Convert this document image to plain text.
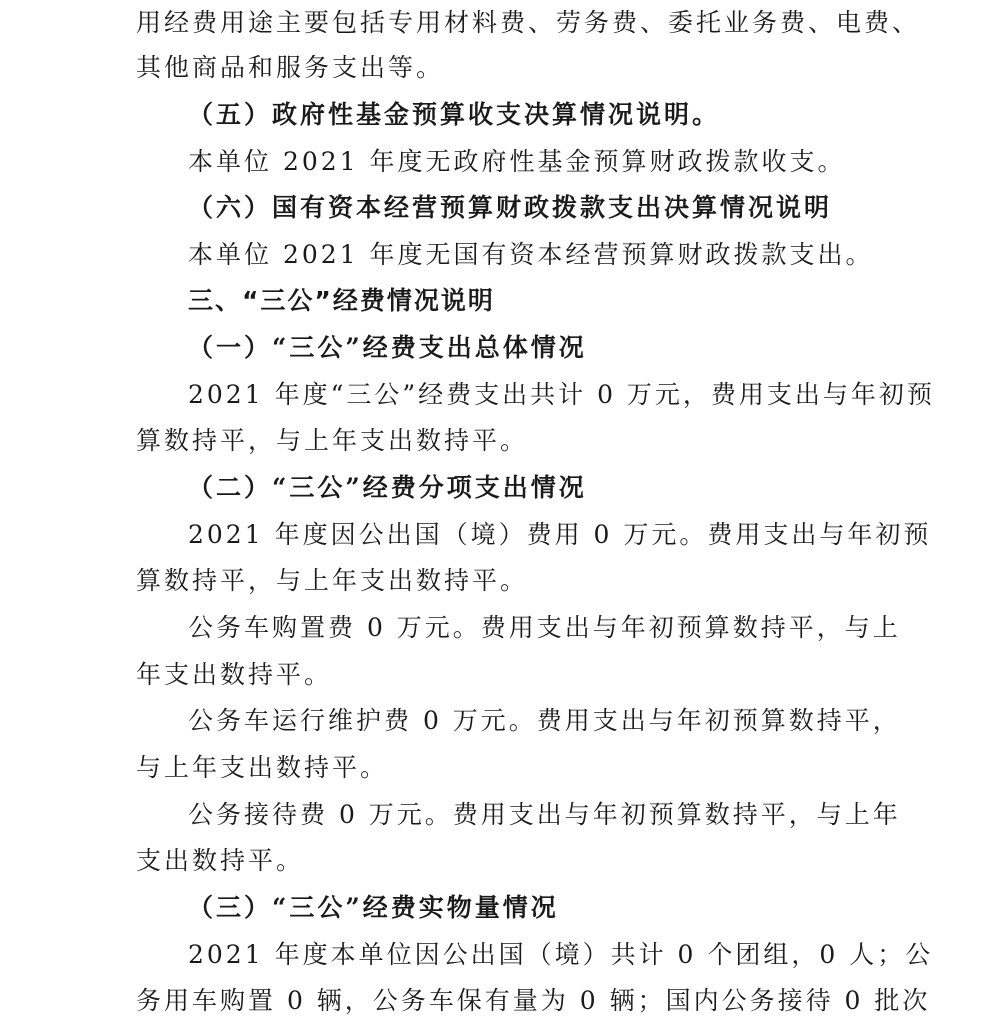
用经费用途主要包括专用材料费、劳务费、委托业务费、电费、
其他商品和服务支出等。
（五）政府性基金预算收支决算情况说明。
本单位 2021 年度无政府性基金预算财政拨款收支。
（六）国有资本经营预算财政拨款支出决算情况说明
本单位 2021 年度无国有资本经营预算财政拨款支出。
三、“三公”经费情况说明
（一）“三公”经费支出总体情况
2021 年度“三公”经费支出共计 0 万元，费用支出与年初预
算数持平，与上年支出数持平。
（二）“三公”经费分项支出情况
2021 年度因公出国（境）费用 0 万元。费用支出与年初预
算数持平，与上年支出数持平。
公务车购置费 0 万元。费用支出与年初预算数持平，与上
年支出数持平。
公务车运行维护费 0 万元。费用支出与年初预算数持平，
与上年支出数持平。
公务接待费 0 万元。费用支出与年初预算数持平，与上年
支出数持平。
（三）“三公”经费实物量情况
2021 年度本单位因公出国（境）共计 0 个团组，0 人；公
务用车购置 0 辆，公务车保有量为 0 辆；国内公务接待 0 批次
